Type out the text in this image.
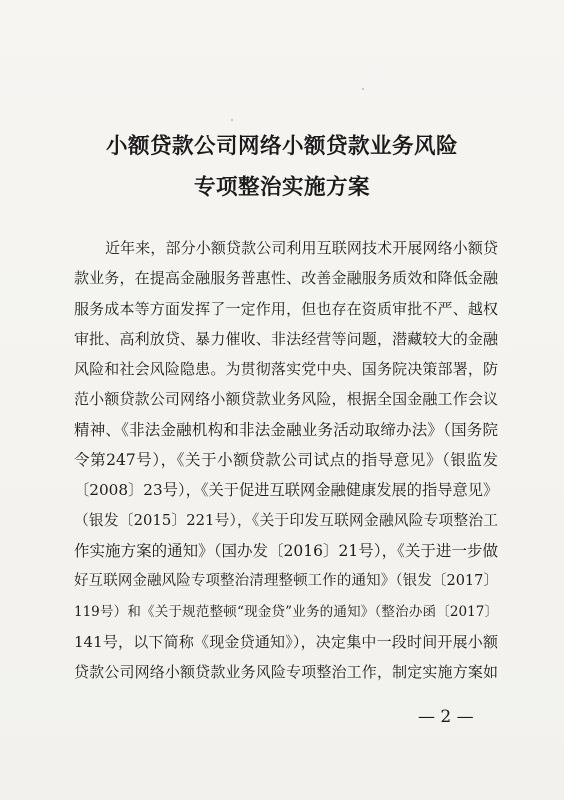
小额贷款公司网络小额贷款业务风险
专项整治实施方案
近年来，部分小额贷款公司利用互联网技术开展网络小额贷
款业务，在提高金融服务普惠性、改善金融服务质效和降低金融
服务成本等方面发挥了一定作用，但也存在资质审批不严、越权
审批、高利放贷、暴力催收、非法经营等问题，潜藏较大的金融
风险和社会风险隐患。为贯彻落实党中央、国务院决策部署，防
范小额贷款公司网络小额贷款业务风险，根据全国金融工作会议
精神、《非法金融机构和非法金融业务活动取缔办法》（国务院
令第247号），《关于小额贷款公司试点的指导意见》（银监发
〔2008〕23号），《关于促进互联网金融健康发展的指导意见》
（银发〔2015〕221号），《关于印发互联网金融风险专项整治工
作实施方案的通知》（国办发〔2016〕21号），《关于进一步做
好互联网金融风险专项整治清理整顿工作的通知》（银发〔2017〕
119号）和《关于规范整顿“现金贷”业务的通知》（整治办函〔2017〕
141号，以下简称《现金贷通知》），决定集中一段时间开展小额
贷款公司网络小额贷款业务风险专项整治工作，制定实施方案如
— 2 —
